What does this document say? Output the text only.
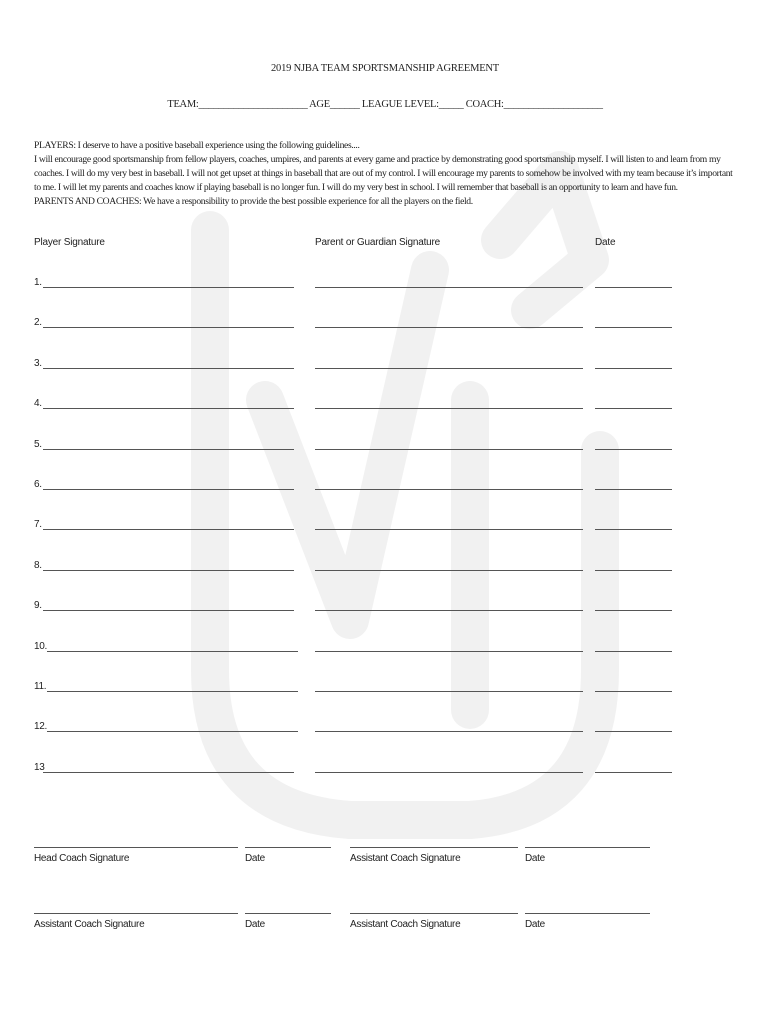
2019 NJBA TEAM SPORTSMANSHIP AGREEMENT
TEAM:______________________ AGE______ LEAGUE LEVEL:_____ COACH:____________________

PLAYERS: I deserve to have a positive baseball experience using the following guidelines....

I will encourage good sportsmanship from fellow players, coaches, umpires, and parents at every game and practice by demonstrating good sportsmanship myself. I will listen to and learn from my coaches. I will do my very best in baseball. I will not get upset at things in baseball that are out of my control. I will encourage my parents to somehow be involved with my team because it’s important to me. I will let my parents and coaches know if playing baseball is no longer fun. I will do my very best in school. I will remember that baseball is an opportunity to learn and have fun.

PARENTS AND COACHES: We have a responsibility to provide the best possible experience for all the players on the field.

Player Signature	Parent or Guardian Signature	Date
1.
2.
3.
4.
5.
6.
7.
8.
9.
10.
11.
12.
13
Head Coach Signature	Date	Assistant Coach Signature	Date
Assistant Coach Signature	Date	Assistant Coach Signature	Date
